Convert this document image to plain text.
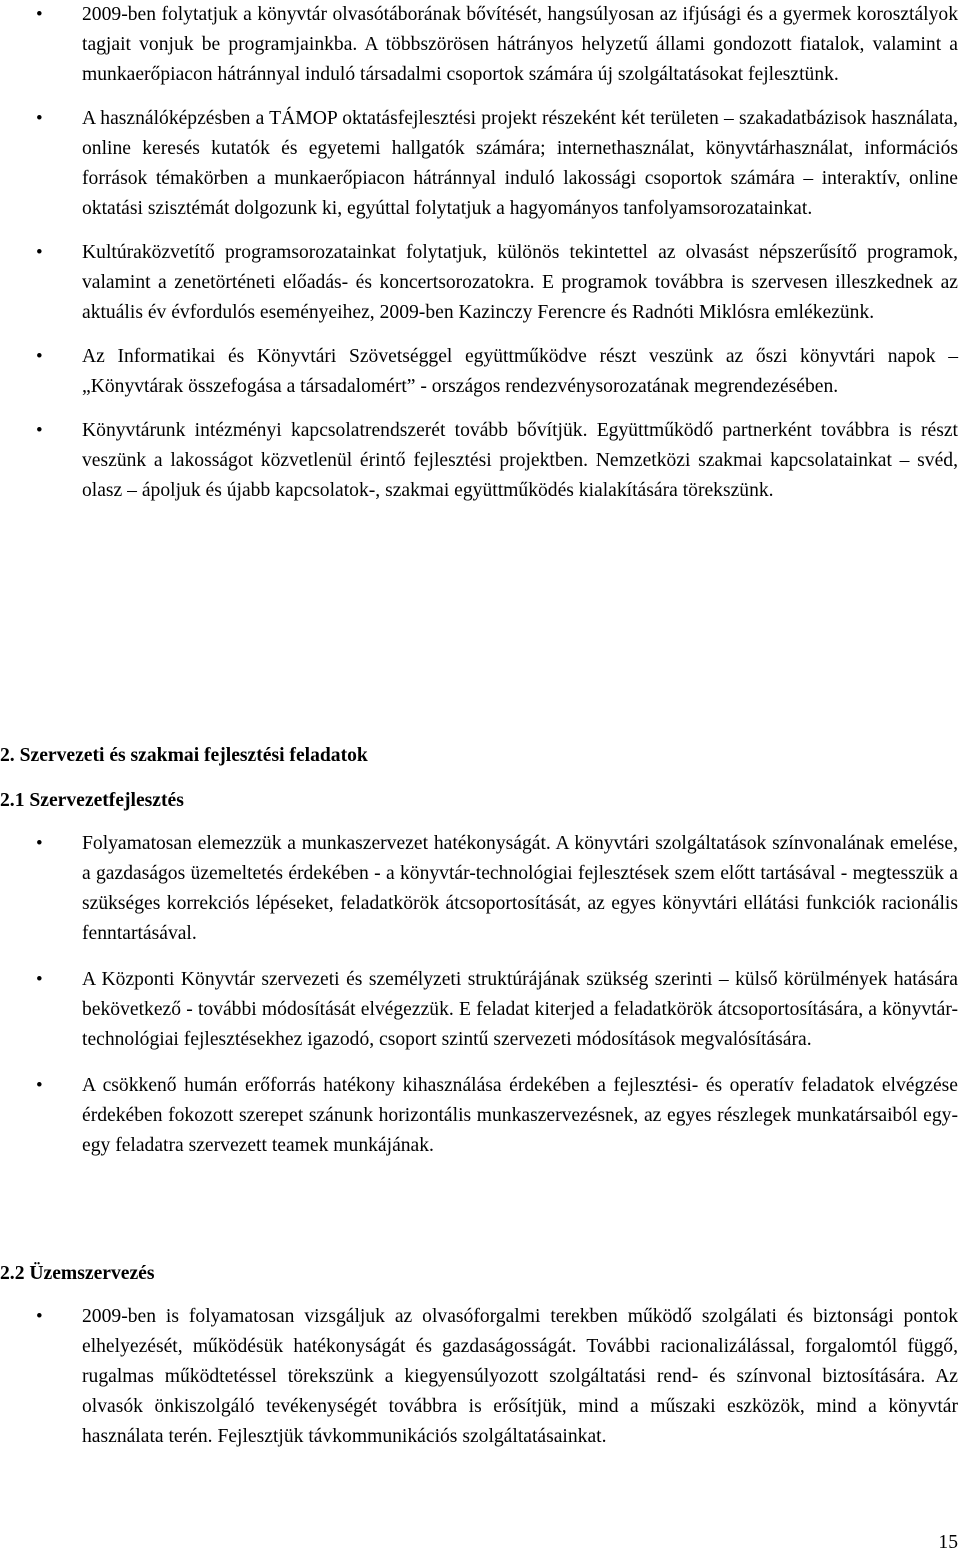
• 2009-ben folytatjuk a könyvtár olvasótáborának bővítését, hangsúlyosan az ifjúsági és a gyermek korosztályok tagjait vonjuk be programjainkba. A többszörösen hátrányos helyzetű állami gondozott fiatalok, valamint a munkaerőpiacon hátránnyal induló társadalmi csoportok számára új szolgáltatásokat fejlesztünk.
• A használóképzésben a TÁMOP oktatásfejlesztési projekt részeként két területen – szakadatbázisok használata, online keresés kutatók és egyetemi hallgatók számára; internethasználat, könyvtárhasználat, információs források témakörben a munkaerőpiacon hátránnyal induló lakossági csoportok számára – interaktív, online oktatási szisztémát dolgozunk ki, egyúttal folytatjuk a hagyományos tanfolyamsorozatainkat.
• Kultúraközvetítő programsorozatainkat folytatjuk, különös tekintettel az olvasást népszerűsítő programok, valamint a zenetörténeti előadás- és koncertsorozatokra. E programok továbbra is szervesen illeszkednek az aktuális év évfordulós eseményeihez, 2009-ben Kazinczy Ferencre és Radnóti Miklósra emlékezünk.
• Az Informatikai és Könyvtári Szövetséggel együttműködve részt veszünk az őszi könyvtári napok – „Könyvtárak összefogása a társadalomért” - országos rendezvénysorozatának megrendezésében.
• Könyvtárunk intézményi kapcsolatrendszerét tovább bővítjük. Együttműködő partnerként továbbra is részt veszünk a lakosságot közvetlenül érintő fejlesztési projektben. Nemzetközi szakmai kapcsolatainkat – svéd, olasz – ápoljuk és újabb kapcsolatok-, szakmai együttműködés kialakítására törekszünk.
2. Szervezeti és szakmai fejlesztési feladatok
2.1 Szervezetfejlesztés
• Folyamatosan elemezzük a munkaszervezet hatékonyságát. A könyvtári szolgáltatások színvonalának emelése, a gazdaságos üzemeltetés érdekében - a könyvtár-technológiai fejlesztések szem előtt tartásával - megtesszük a szükséges korrekciós lépéseket, feladatkörök átcsoportosítását, az egyes könyvtári ellátási funkciók racionális fenntartásával.
• A Központi Könyvtár szervezeti és személyzeti struktúrájának szükség szerinti – külső körülmények hatására bekövetkező - további módosítását elvégezzük. E feladat kiterjed a feladatkörök átcsoportosítására, a könyvtár-technológiai fejlesztésekhez igazodó, csoport szintű szervezeti módosítások megvalósítására.
• A csökkenő humán erőforrás hatékony kihasználása érdekében a fejlesztési- és operatív feladatok elvégzése érdekében fokozott szerepet szánunk horizontális munkaszervezésnek, az egyes részlegek munkatársaiból egy-egy feladatra szervezett teamek munkájának.
2.2 Üzemszervezés
• 2009-ben is folyamatosan vizsgáljuk az olvasóforgalmi terekben működő szolgálati és biztonsági pontok elhelyezését, működésük hatékonyságát és gazdaságosságát. További racionalizálással, forgalomtól függő, rugalmas működtetéssel törekszünk a kiegyensúlyozott szolgáltatási rend- és színvonal biztosítására. Az olvasók önkiszolgáló tevékenységét továbbra is erősítjük, mind a műszaki eszközök, mind a könyvtár használata terén. Fejlesztjük távkommunikációs szolgáltatásainkat.
15
